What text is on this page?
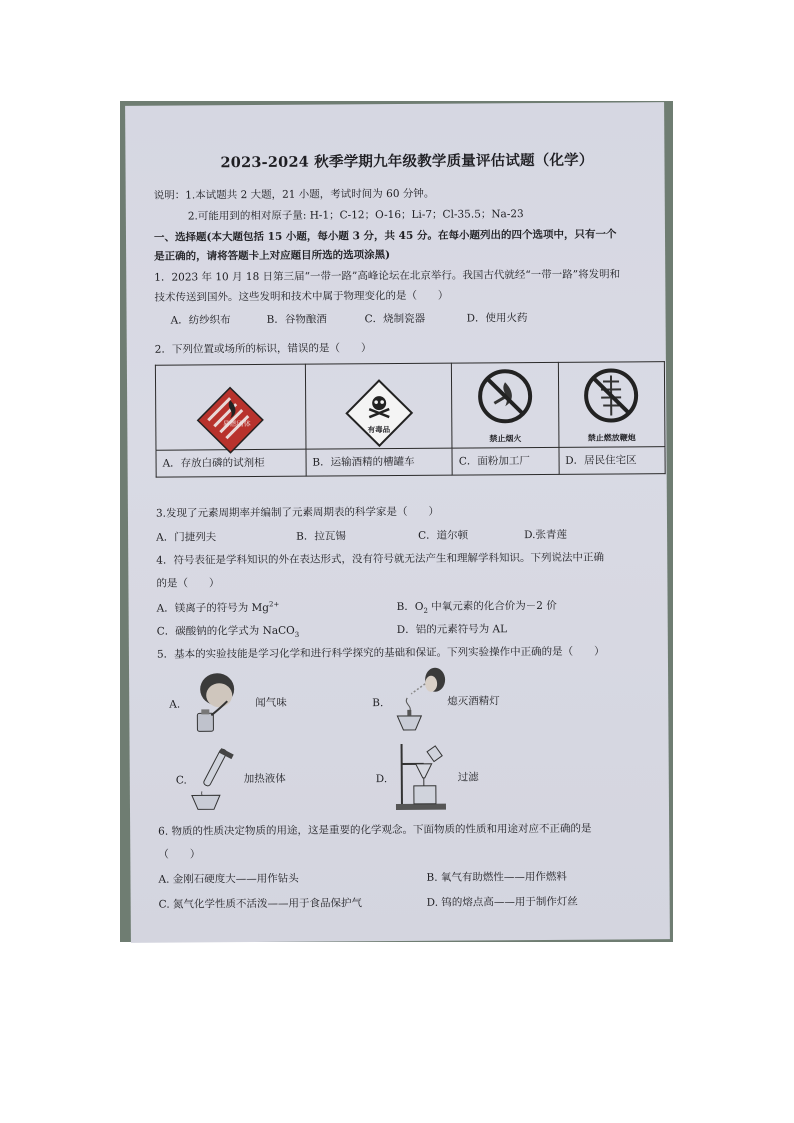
2023-2024 秋季学期九年级教学质量评估试题（化学）
说明：1.本试题共 2 大题，21 小题，考试时间为 60 分钟。
2.可能用到的相对原子量: H-1；C-12；O-16；Li-7；Cl-35.5；Na-23
一、选择题(本大题包括 15 小题，每小题 3 分，共 45 分。在每小题列出的四个选项中，只有一个
是正确的，请将答题卡上对应题目所选的选项涂黑)
1．2023 年 10 月 18 日第三届“一带一路”高峰论坛在北京举行。我国古代就经“一带一路”将发明和
技术传送到国外。这些发明和技术中属于物理变化的是（　　）
A．纺纱织布	B．谷物酿酒	C．烧制瓷器	D．使用火药
2．下列位置或场所的标识，错误的是（　　）
易燃固体	有毒品	禁止烟火	禁止燃放鞭炮

A．存放白磷的试剂柜	B．运输酒精的槽罐车	C．面粉加工厂	D．居民住宅区
3.发现了元素周期率并编制了元素周期表的科学家是（　　）
A．门捷列夫	B．拉瓦锡	C．道尔顿	D.张青莲
4．符号表征是学科知识的外在表达形式，没有符号就无法产生和理解学科知识。下列说法中正确
的是（　　）
A．镁离子的符号为 $Mg^{2+}$	B．$O_2$ 中氧元素的化合价为－2 价
C．碳酸钠的化学式为 NaCO$_3$	D．铝的元素符号为 AL
5．基本的实验技能是学习化学和进行科学探究的基础和保证。下列实验操作中正确的是（　　）
A.	闻气味	B.	熄灭酒精灯
C.	加热液体	D.	过滤
6. 物质的性质决定物质的用途，这是重要的化学观念。下面物质的性质和用途对应不正确的是
（　　）
A. 金刚石硬度大——用作钻头	B. 氧气有助燃性——用作燃料
C. 氮气化学性质不活泼——用于食品保护气	D. 钨的熔点高——用于制作灯丝
